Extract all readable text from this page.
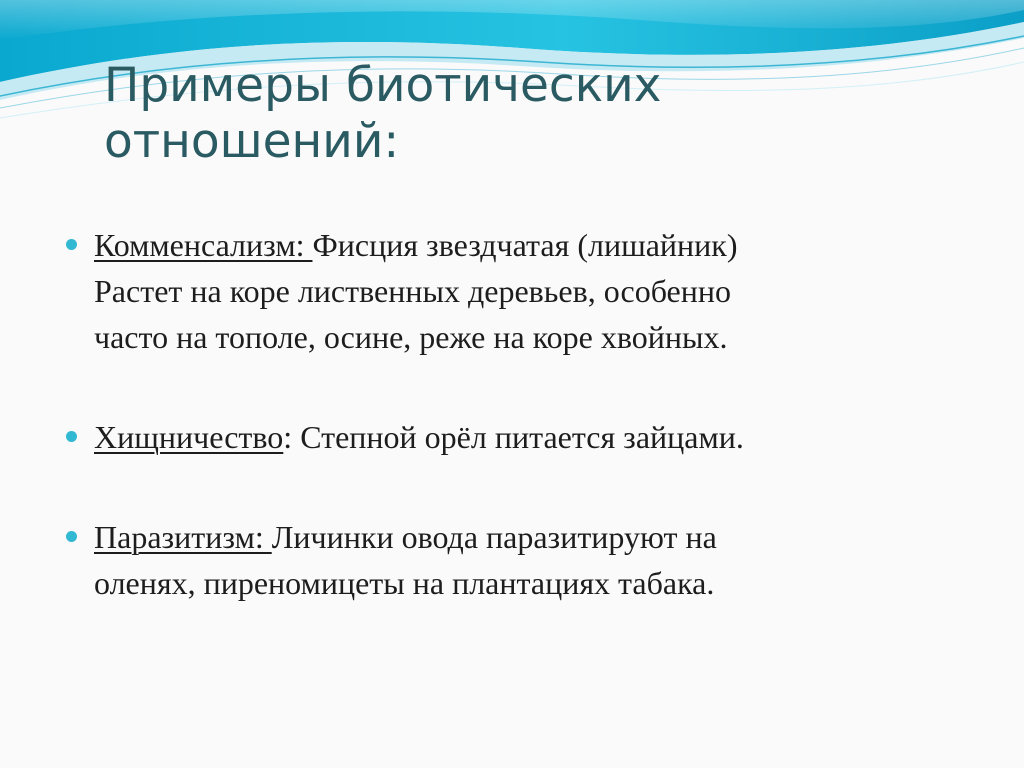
Примеры биотических
отношений:
Комменсализм: Фисция звездчатая (лишайник)
Растет на коре лиственных деревьев, особенно
часто на тополе, осине, реже на коре хвойных.
Хищничество: Степной орёл питается зайцами.
Паразитизм: Личинки овода паразитируют на
оленях, пиреномицеты на плантациях табака.
